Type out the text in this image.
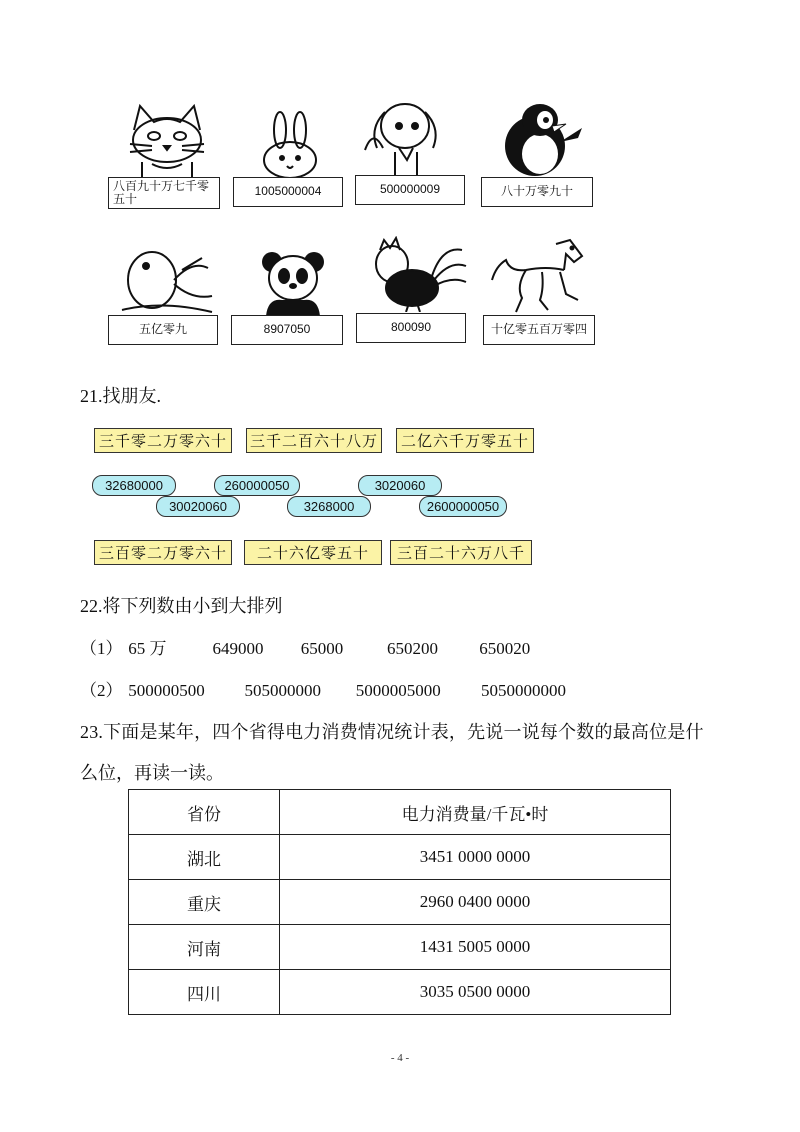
八百九十万七千零五十
1005000004	500000009	八十万零九十
五亿零九	8907050	800090	十亿零五百万零四
21.找朋友.
三千零二万零六十	三千二百六十八万	二亿六千万零五十
32680000	260000050	3020060
30020060	3268000	2600000050
三百零二万零六十	二十六亿零五十	三百二十六万八千
22.将下列数由小到大排列
（1） 65 万	649000 65000	650200 650020
（2） 500000500 505000000 5000005000 5050000000
23.下面是某年，四个省得电力消费情况统计表，先说一说每个数的最高位是什
么位，再读一读。
省份	电力消费量/千瓦•时
湖北	3451 0000 0000
重庆	2960 0400 0000
河南	1431 5005 0000
四川	3035 0500 0000
- 4 -
